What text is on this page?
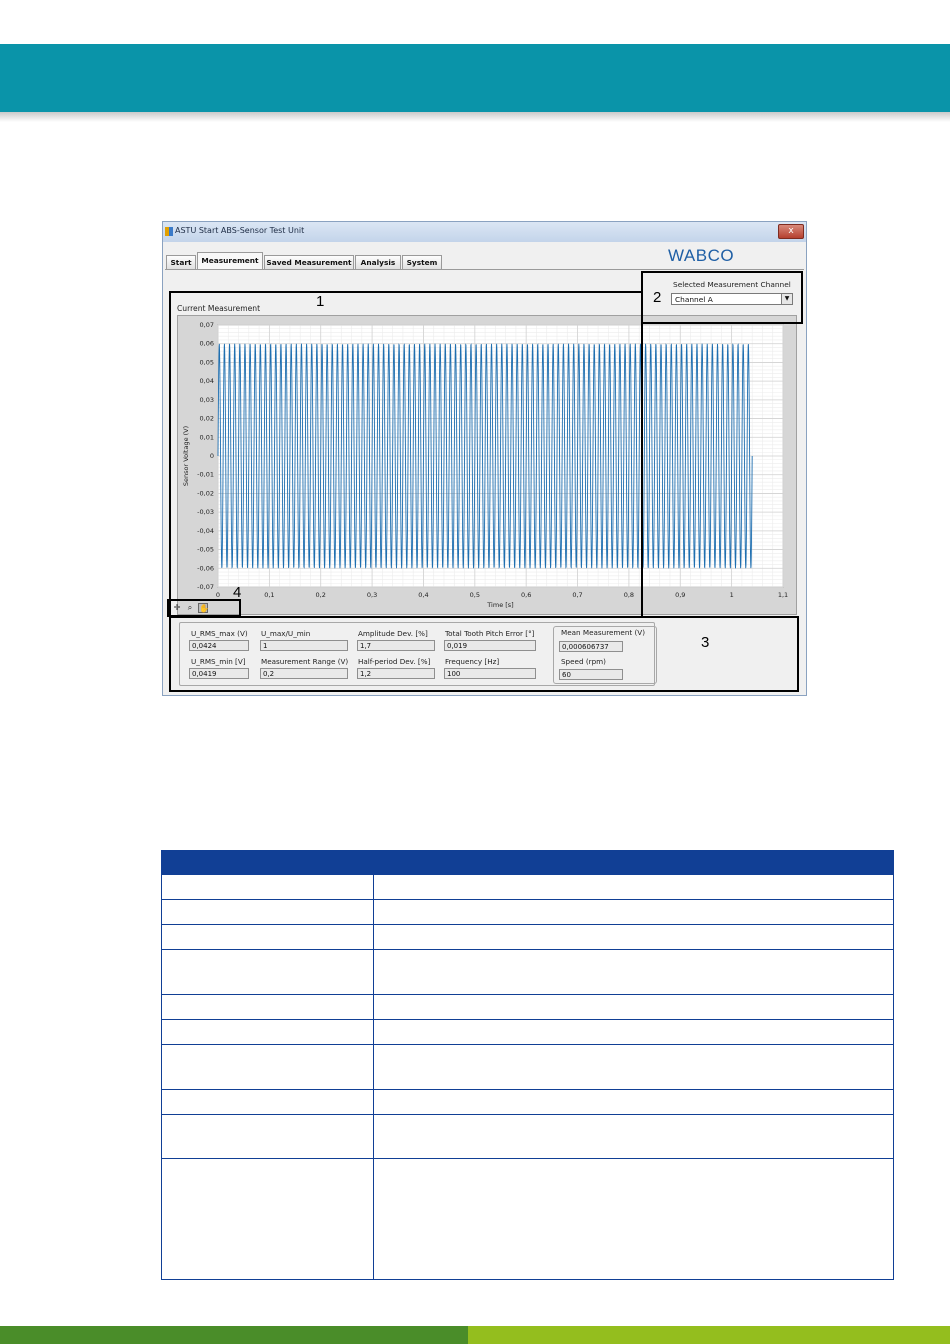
ASTU Start ABS-Sensor Test Unit	x
WABCO
Start	Measurement	Saved Measurement	Analysis	System
Selected Measurement Channel
Channel A	▼
Current Measurement
0	0,1	0,2	0,3	0,4	0,5	0,6	0,7	0,8	0,9	1	1,1
0,07
0,06
0,05
0,04
0,03
0,02
0,01
0
-0,01
-0,02
-0,03
-0,04
-0,05
-0,06
-0,07
Time [s]
Sensor Voltage (V)
✛ ⌕ ✋
U_RMS_max (V)
0,0424
U_max/U_min
1
Amplitude Dev. [%]
1,7
Total Tooth Pitch Error [°]
0,019
U_RMS_min [V]
0,0419
Measurement Range (V)
0,2
Half-period Dev. [%]
1,2
Frequency [Hz]
100
Mean Measurement (V)
0,000606737
Speed (rpm)
60
1	2
3
4
